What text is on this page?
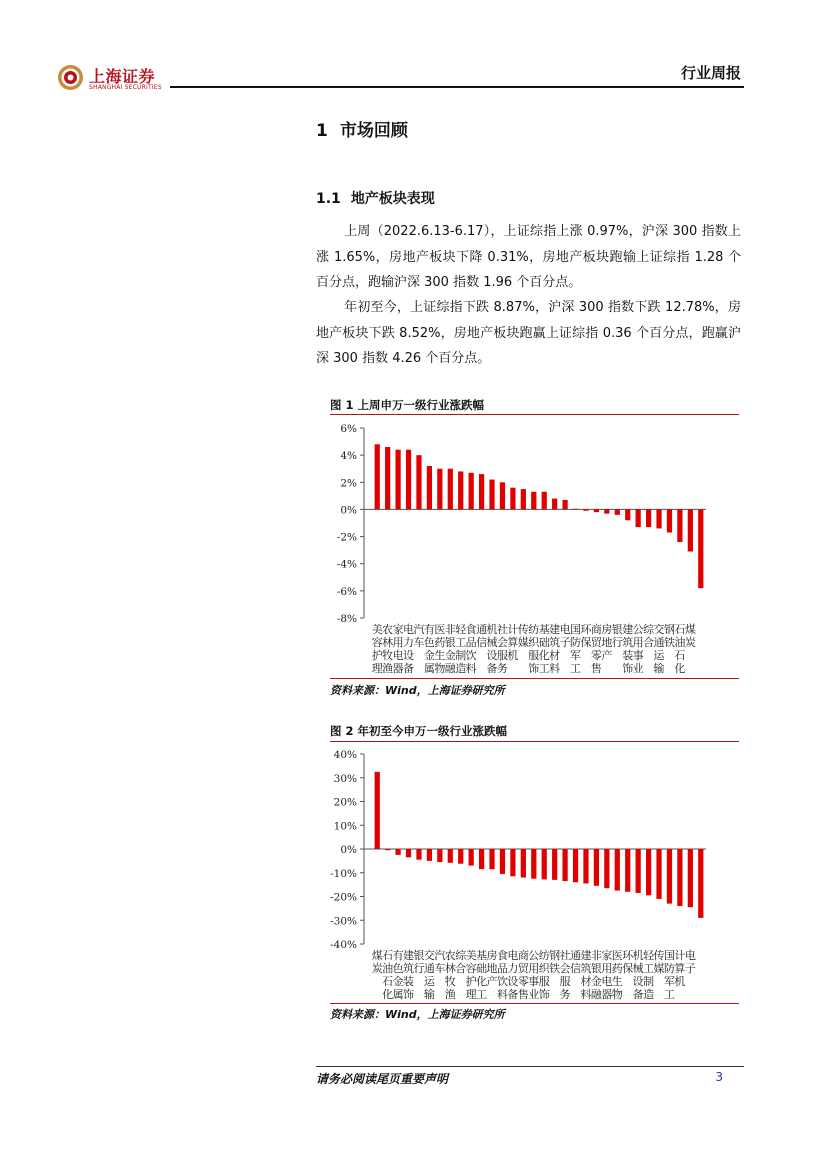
上海证券
SHANGHAI SECURITIES
行业周报
1 市场回顾
1.1 地产板块表现
上周（2022.6.13-6.17），上证综指上涨 0.97%，沪深 300 指数上涨 1.65%，房地产板块下降 0.31%，房地产板块跑输上证综指 1.28 个百分点，跑输沪深 300 指数 1.96 个百分点。
年初至今，上证综指下跌 8.87%，沪深 300 指数下跌 12.78%，房地产板块下跌 8.52%，房地产板块跑赢上证综指 0.36 个百分点，跑赢沪深 300 指数 4.26 个百分点。
图 1 上周申万一级行业涨跌幅
6%
4%
2%
0%
-2%
-4%
-6%
-8%
美 农 家 电 汽 有 医 非 轻 食 通 机 社 计 传 纺 基 建 电 国 环 商 房 银 建 公 综 交 钢 石 煤
容 林 用 力 车 色 药 银 工 品 信 械 会 算 媒 织 础 筑 子 防 保 贸 地 行 筑 用 合 通 铁 油 炭
护 牧 电 设 金 生 金 制 饮 设 服 机 服 化 材 军 零 产 装 事 运 石
理 渔 器 备 属 物 融 造 料 备 务 饰 工 料 工 售 饰 业 输 化
资料来源：Wind，上海证券研究所
图 2 年初至今申万一级行业涨跌幅
40%
30%
20%
10%
0%
-10%
-20%
-30%
-40%
煤 石 有 建 银 交 汽 农 综 美 基 房 食 电 商 公 纺 钢 社 通 建 非 家 医 环 机 轻 传 国 计 电
炭 油 色 筑 行 通 车 林 合 容 础 地 品 力 贸 用 织 铁 会 信 筑 银 用 药 保 械 工 媒 防 算 子
石 金 装 运 牧 护 化 产 饮 设 零 事 服 服 材 金 电 生 设 制 军 机
化 属 饰 输 渔 理 工 料 备 售 业 饰 务 料 融 器 物 备 造 工
资料来源：Wind，上海证券研究所
请务必阅读尾页重要声明	3
